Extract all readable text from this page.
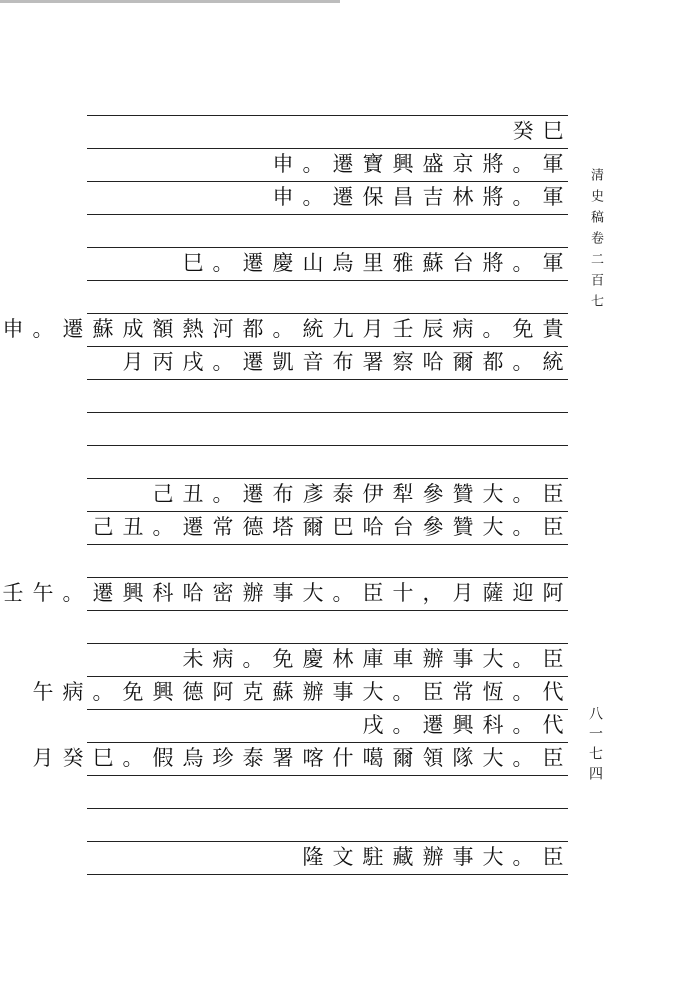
巳
癸
軍
。
將
京
盛
興
寶
遷
。
申
軍
。
將
林
吉
昌
保
遷
。
申
軍
。
將
台
蘇
雅
里
烏
山
慶
遷
。
巳
貴
免
。
病
辰
壬
月
九
統
。
都
河
熱
額
成
蘇
遷
。
申
統
。
都
爾
哈
察
署
布
音
凱
遷
。
戌
丙
月
臣
。
大
贊
參
犁
伊
泰
彥
布
遷
。
丑
己
臣
。
大
贊
參
台
哈
巴
爾
塔
德
常
遷
。
丑
己
阿
迎
薩
月
，
十
臣
。
大
事
辦
密
哈
科
興
遷
。
午
壬
臣
。
大
事
辦
車
庫
林
慶
免
。
病
未
代
。
恆
常
臣
。
大
事
辦
蘇
克
阿
德
興
免
。
病
午
代
。
科
興
遷
。
戌
臣
。
大
隊
領
爾
噶
什
喀
署
泰
珍
烏
假
。
巳
癸
月
臣
。
大
事
辦
藏
駐
文
隆
清史稿卷二百七
八一七四
